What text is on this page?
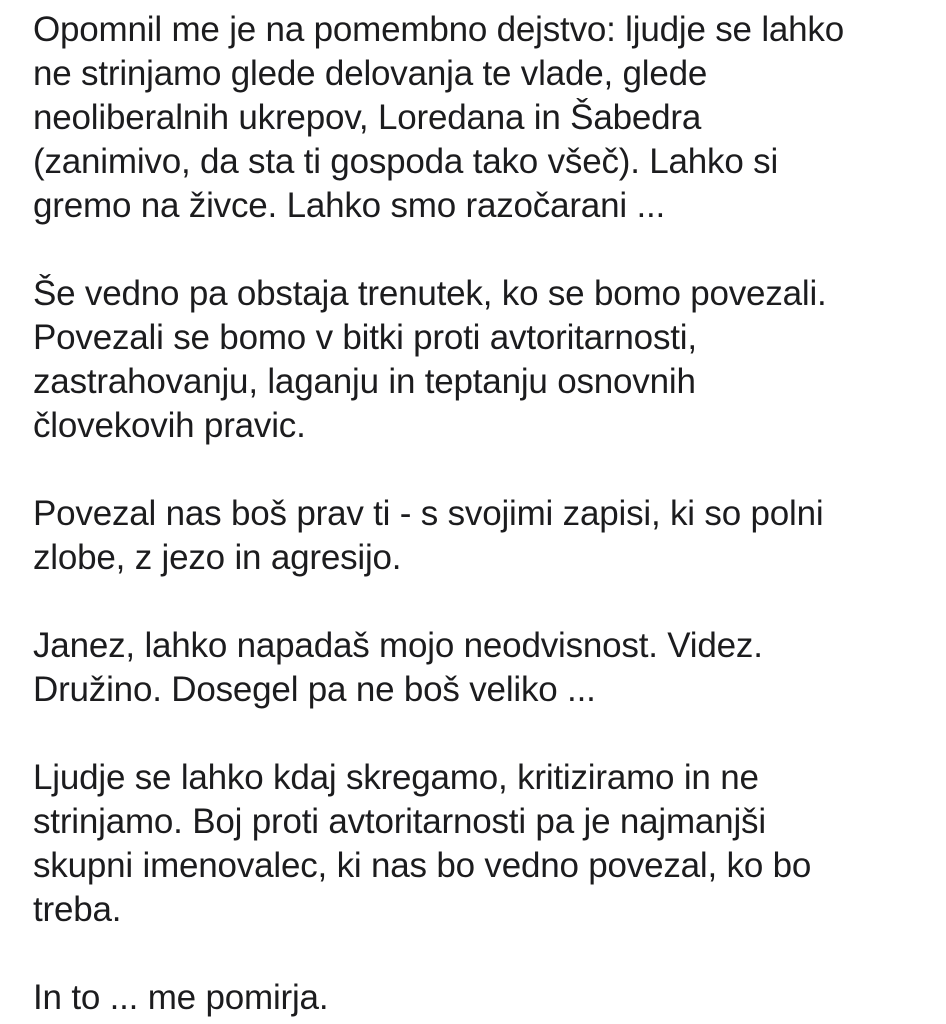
Opomnil me je na pomembno dejstvo: ljudje se lahko
ne strinjamo glede delovanja te vlade, glede
neoliberalnih ukrepov, Loredana in Šabedra
(zanimivo, da sta ti gospoda tako všeč). Lahko si
gremo na živce. Lahko smo razočarani ...

Še vedno pa obstaja trenutek, ko se bomo povezali.
Povezali se bomo v bitki proti avtoritarnosti,
zastrahovanju, laganju in teptanju osnovnih
človekovih pravic.

Povezal nas boš prav ti - s svojimi zapisi, ki so polni
zlobe, z jezo in agresijo.

Janez, lahko napadaš mojo neodvisnost. Videz.
Družino. Dosegel pa ne boš veliko ...

Ljudje se lahko kdaj skregamo, kritiziramo in ne
strinjamo. Boj proti avtoritarnosti pa je najmanjši
skupni imenovalec, ki nas bo vedno povezal, ko bo
treba.

In to ... me pomirja.
